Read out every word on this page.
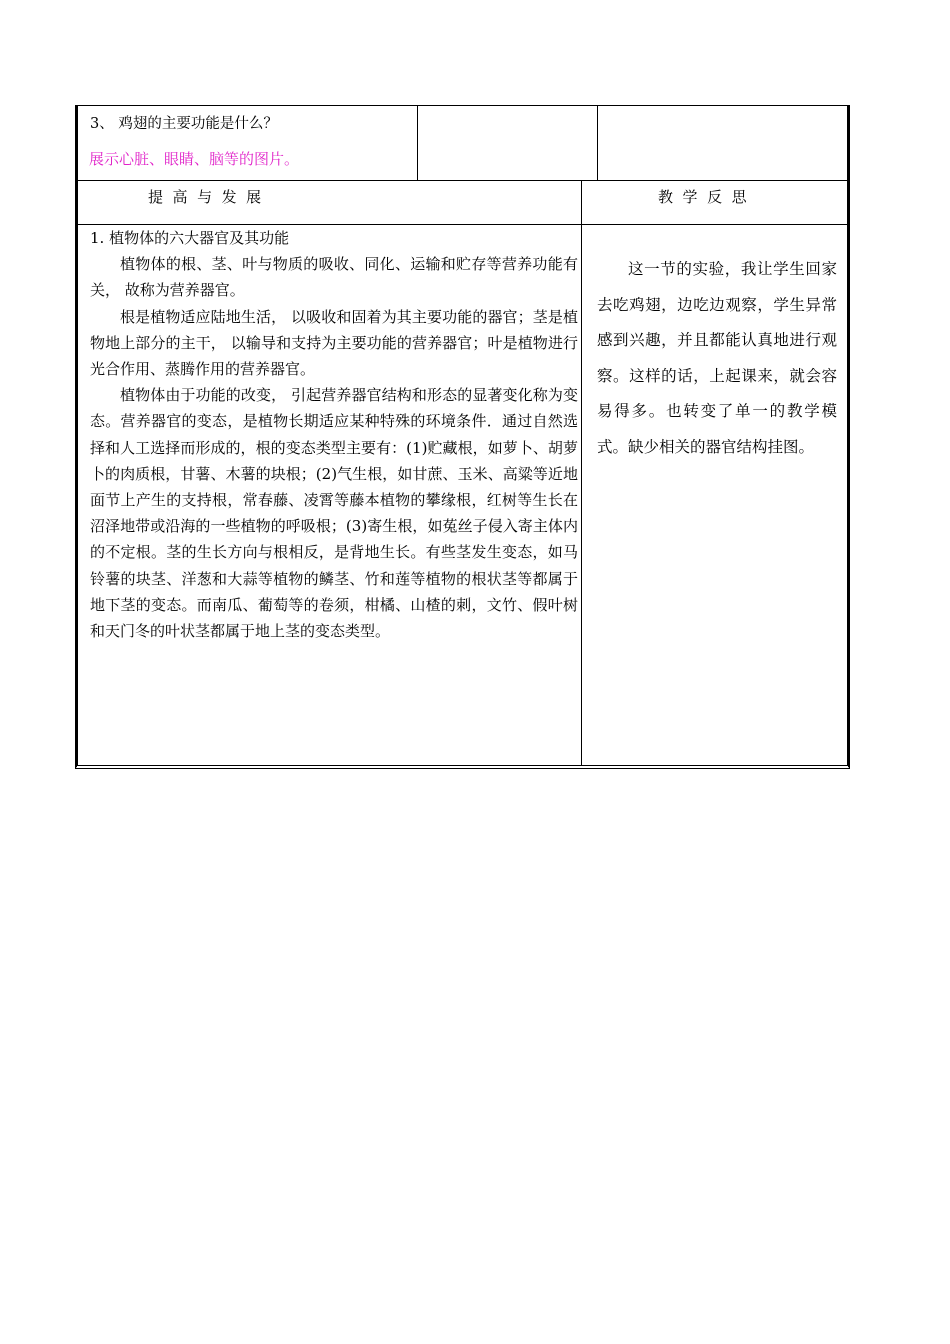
3、 鸡翅的主要功能是什么？
展示心脏、眼睛、脑等的图片。
提  高  与  发  展	教  学  反  思

1. 植物体的六大器官及其功能

植物体的根、茎、叶与物质的吸收、同化、运输和贮存等营养功能有关， 故称为营养器官。

根是植物适应陆地生活， 以吸收和固着为其主要功能的器官；茎是植物地上部分的主干， 以输导和支持为主要功能的营养器官；叶是植物进行光合作用、蒸腾作用的营养器官。

植物体由于功能的改变， 引起营养器官结构和形态的显著变化称为变态。营养器官的变态，是植物长期适应某种特殊的环境条件．通过自然选择和人工选择而形成的，根的变态类型主要有：(1)贮藏根，如萝卜、胡萝卜的肉质根，甘薯、木薯的块根；(2)气生根，如甘蔗、玉米、高粱等近地面节上产生的支持根，常春藤、凌霄等藤本植物的攀缘根，红树等生长在沼泽地带或沿海的一些植物的呼吸根；(3)寄生根，如菟丝子侵入寄主体内的不定根。茎的生长方向与根相反，是背地生长。有些茎发生变态，如马铃薯的块茎、洋葱和大蒜等植物的鳞茎、竹和莲等植物的根状茎等都属于地下茎的变态。而南瓜、葡萄等的卷须，柑橘、山楂的刺，文竹、假叶树和天门冬的叶状茎都属于地上茎的变态类型。

这一节的实验，我让学生回家去吃鸡翅，边吃边观察，学生异常感到兴趣，并且都能认真地进行观察。这样的话，上起课来，就会容易得多。也转变了单一的教学模式。缺少相关的器官结构挂图。
